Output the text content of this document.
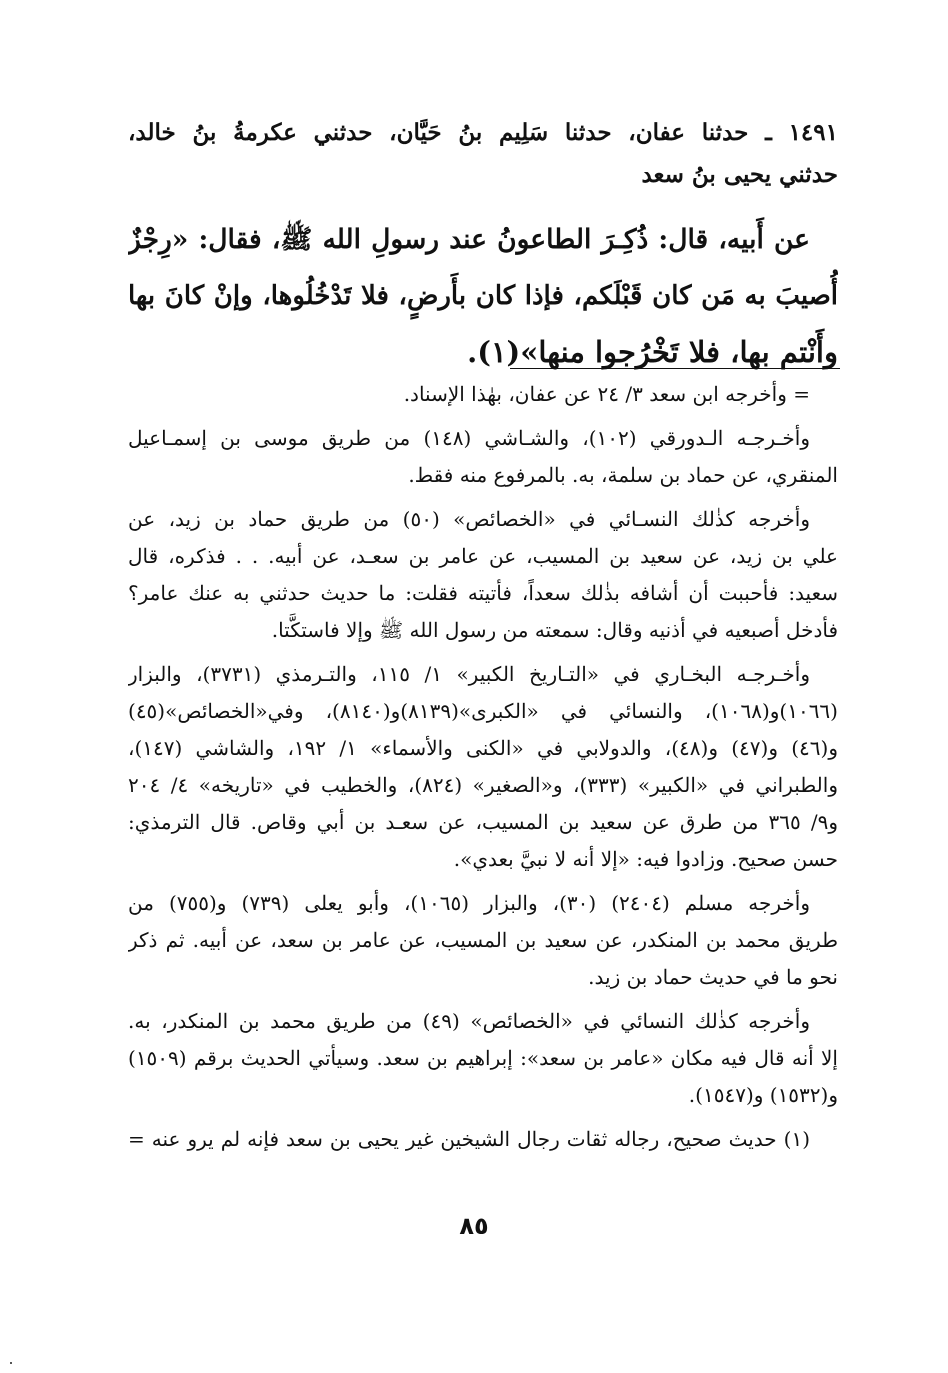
١٤٩١ ـ حدثنا عفان، حدثنا سَلِيم بنُ حَيَّان، حدثني عكرمةُ بنُ خالد،
حدثني يحيى بنُ سعد
عن أَبيه، قال: ذُكِـرَ الطاعونُ عند رسولِ الله ﷺ، فقال: «رِجْزٌ
أُصيبَ به مَن كان قَبْلَكم، فإذا كان بأَرضٍ، فلا تَدْخُلُوها، وإنْ كانَ بها
وأَنْتم بها، فلا تَخْرُجوا منها»(١).
= وأخرجه ابن سعد ٣/ ٢٤ عن عفان، بهٰذا الإسناد.
وأخـرجـه الـدورقي (١٠٢)، والشـاشي (١٤٨) من طريق موسى بن إسمـاعيل
المنقري، عن حماد بن سلمة، به. بالمرفوع منه فقط.
وأخرجه كذٰلك النسـائي في «الخصائص» (٥٠) من طريق حماد بن زيد، عن
علي بن زيد، عن سعيد بن المسيب، عن عامر بن سعـد، عن أبيه. . . فذكره، قال
سعيد: فأحببت أن أشافه بذٰلك سعداً، فأتيته فقلت: ما حديث حدثني به عنك عامر؟
فأدخل أصبعيه في أذنيه وقال: سمعته من رسول الله ﷺ وإلا فاستكَّتا.
وأخـرجـه البخـاري في «التـاريخ الكبير» ١/ ١١٥، والتـرمذي (٣٧٣١)، والبزار
(١٠٦٦)و(١٠٦٨)، والنسائي في «الكبرى»(٨١٣٩)و(٨١٤٠)، وفي«الخصائص»(٤٥)
و(٤٦) و(٤٧) و(٤٨)، والدولابي في «الكنى والأسماء» ١/ ١٩٢، والشاشي (١٤٧)،
والطبراني في «الكبير» (٣٣٣)، و«الصغير» (٨٢٤)، والخطيب في «تاريخه» ٤/ ٢٠٤
و٩/ ٣٦٥ من طرق عن سعيد بن المسيب، عن سعـد بن أبي وقاص. قال الترمذي:
حسن صحيح. وزادوا فيه: «إلا أنه لا نبيَّ بعدي».
وأخرجه مسلم (٢٤٠٤) (٣٠)، والبزار (١٠٦٥)، وأبو يعلى (٧٣٩) و(٧٥٥) من
طريق محمد بن المنكدر، عن سعيد بن المسيب، عن عامر بن سعد، عن أبيه. ثم ذكر
نحو ما في حديث حماد بن زيد.
وأخرجه كذٰلك النسائي في «الخصائص» (٤٩) من طريق محمد بن المنكدر، به.
إلا أنه قال فيه مكان «عامر بن سعد»: إبراهيم بن سعد. وسيأتي الحديث برقم (١٥٠٩)
و(١٥٣٢) و(١٥٤٧).
(١) حديث صحيح، رجاله ثقات رجال الشيخين غير يحيى بن سعد فإنه لم يرو عنه =
٨٥
